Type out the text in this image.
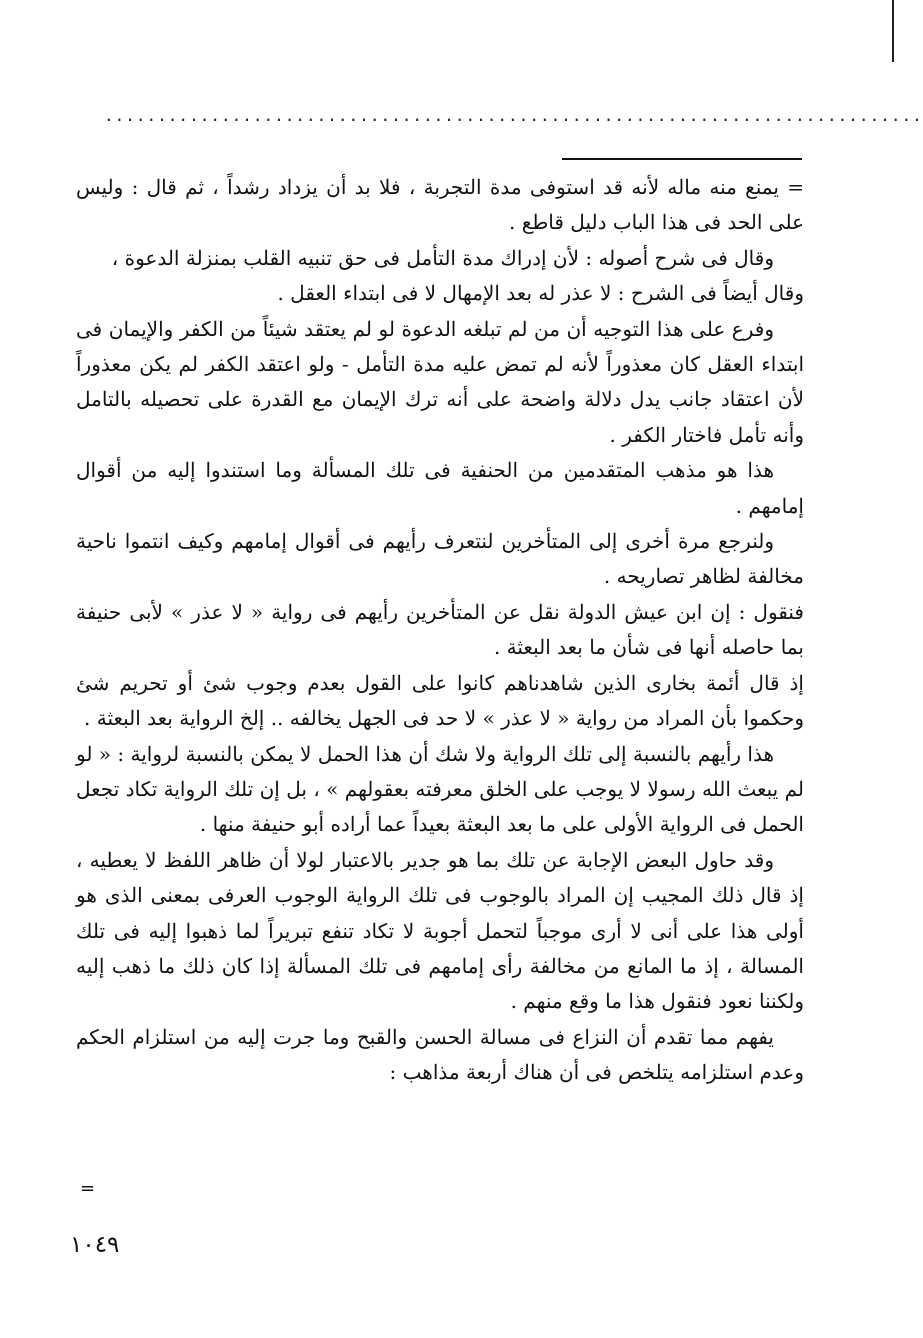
.............................................................................

= يمنع منه ماله لأنه قد استوفى مدة التجربة ، فلا بد أن يزداد رشداً ، ثم قال : وليس على الحد فى هذا الباب دليل قاطع .

وقال فى شرح أصوله : لأن إدراك مدة التأمل فى حق تنبيه القلب بمنزلة الدعوة ،

وقال أيضاً فى الشرح : لا عذر له بعد الإمهال لا فى ابتداء العقل .

وفرع على هذا التوجيه أن من لم تبلغه الدعوة لو لم يعتقد شيئاً من الكفر والإيمان فى ابتداء العقل كان معذوراً لأنه لم تمض عليه مدة التأمل - ولو اعتقد الكفر لم يكن معذوراً لأن اعتقاد جانب يدل دلالة واضحة على أنه ترك الإيمان مع القدرة على تحصيله بالتامل وأنه تأمل فاختار الكفر .

هذا هو مذهب المتقدمين من الحنفية فى تلك المسألة وما استندوا إليه من أقوال إمامهم .

ولنرجع مرة أخرى إلى المتأخرين لنتعرف رأيهم فى أقوال إمامهم وكيف انتموا ناحية مخالفة لظاهر تصاريحه .

فنقول : إن ابن عيش الدولة نقل عن المتأخرين رأيهم فى رواية « لا عذر » لأبى حنيفة بما حاصله أنها فى شأن ما بعد البعثة .

إذ قال أئمة بخارى الذين شاهدناهم كانوا على القول بعدم وجوب شئ أو تحريم شئ وحكموا بأن المراد من رواية « لا عذر » لا حد فى الجهل يخالفه .. إلخ الرواية بعد البعثة .

هذا رأيهم بالنسبة إلى تلك الرواية ولا شك أن هذا الحمل لا يمكن بالنسبة لرواية : « لو لم يبعث الله رسولا لا يوجب على الخلق معرفته بعقولهم » ، بل إن تلك الرواية تكاد تجعل الحمل فى الرواية الأولى على ما بعد البعثة بعيداً عما أراده أبو حنيفة منها .

وقد حاول البعض الإجابة عن تلك بما هو جدير بالاعتبار لولا أن ظاهر اللفظ لا يعطيه ، إذ قال ذلك المجيب إن المراد بالوجوب فى تلك الرواية الوجوب العرفى بمعنى الذى هو أولى هذا على أنى لا أرى موجباً لتحمل أجوبة لا تكاد تنفع تبريراً لما ذهبوا إليه فى تلك المسالة ، إذ ما المانع من مخالفة رأى إمامهم فى تلك المسألة إذا كان ذلك ما ذهب إليه ولكننا نعود فنقول هذا ما وقع منهم .

يفهم مما تقدم أن النزاع فى مسالة الحسن والقبح وما جرت إليه من استلزام الحكم وعدم استلزامه يتلخص فى أن هناك أربعة مذاهب :

=
١٠٤٩
